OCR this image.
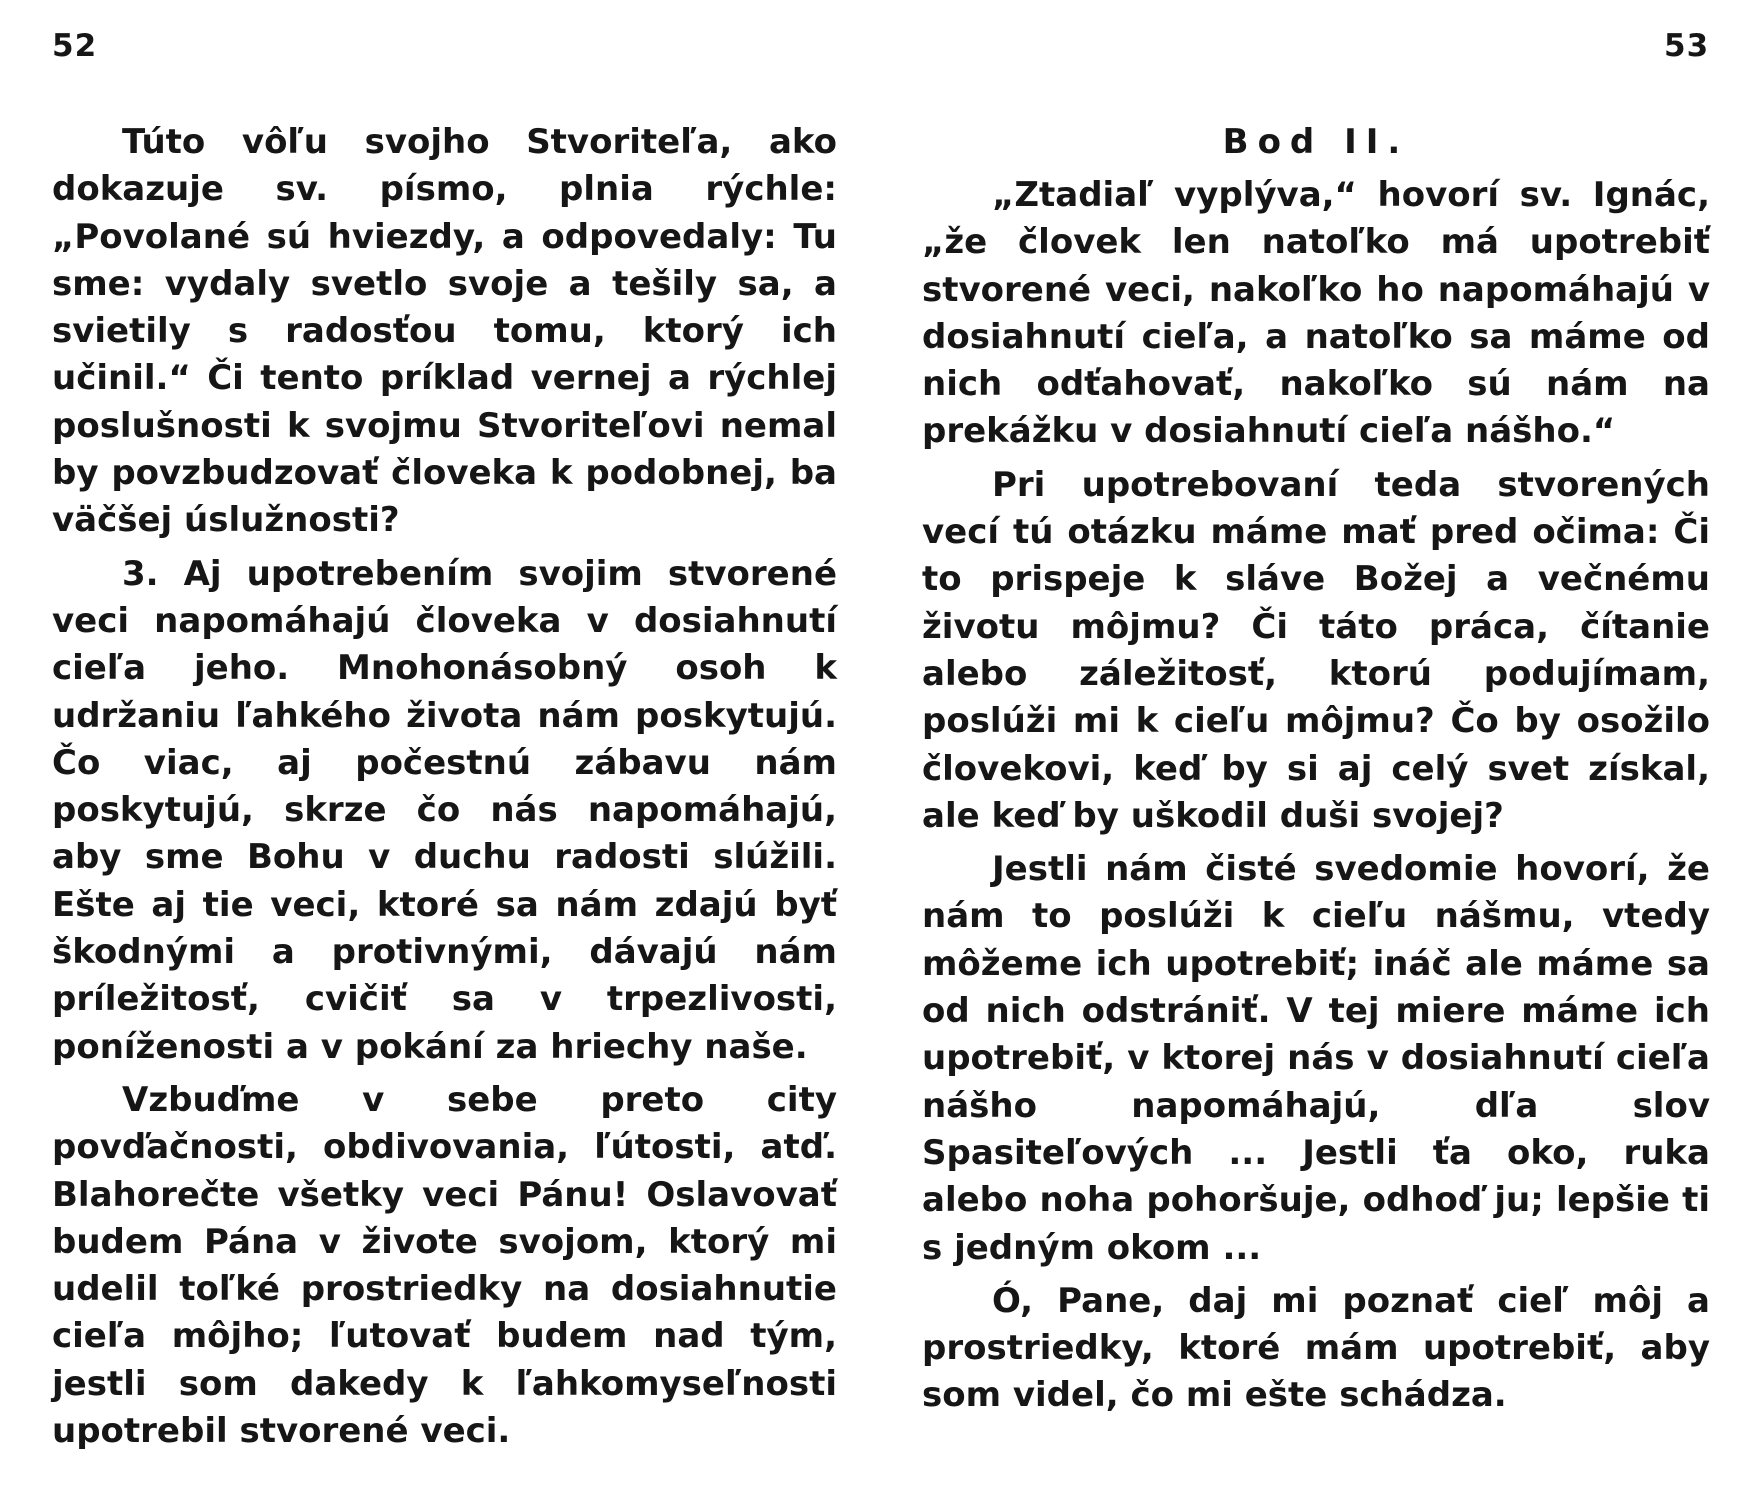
52	53

Túto vôľu svojho Stvoriteľa, ako dokazuje sv. písmo, plnia rýchle: „Povolané sú hviezdy, a odpovedaly: Tu sme: vydaly svetlo svoje a tešily sa, a svietily s radosťou tomu, ktorý ich učinil.“ Či tento príklad vernej a rýchlej poslušnosti k svojmu Stvoriteľovi nemal by povzbudzovať človeka k podobnej, ba väčšej úslužnosti?

3. Aj upotrebením svojim stvorené veci napomáhajú človeka v dosiahnutí cieľa jeho. Mnohonásobný osoh k udržaniu ľahkého života nám poskytujú. Čo viac, aj počestnú zábavu nám poskytujú, skrze čo nás napomáhajú, aby sme Bohu v duchu radosti slúžili. Ešte aj tie veci, ktoré sa nám zdajú byť škodnými a protivnými, dávajú nám príležitosť, cvičiť sa v trpezlivosti, poníženosti a v pokání za hriechy naše.

Vzbuďme v sebe preto city povďačnosti, obdivovania, ľútosti, atď. Blahorečte všetky veci Pánu! Oslavovať budem Pána v živote svojom, ktorý mi udelil toľké prostriedky na dosiahnutie cieľa môjho; ľutovať budem nad tým, jestli som dakedy k ľahkomyseľnosti upotrebil stvorené veci.

Bod II.

„Ztadiaľ vyplýva,“ hovorí sv. Ignác, „že človek len natoľko má upotrebiť stvorené veci, nakoľko ho napomáhajú v dosiahnutí cieľa, a natoľko sa máme od nich odťahovať, nakoľko sú nám na prekážku v dosiahnutí cieľa nášho.“

Pri upotrebovaní teda stvorených vecí tú otázku máme mať pred očima: Či to prispeje k sláve Božej a večnému životu môjmu? Či táto práca, čítanie alebo záležitosť, ktorú podujímam, poslúži mi k cieľu môjmu? Čo by osožilo človekovi, keď by si aj celý svet získal, ale keď by uškodil duši svojej?

Jestli nám čisté svedomie hovorí, že nám to poslúži k cieľu nášmu, vtedy môžeme ich upotrebiť; ináč ale máme sa od nich odstrániť. V tej miere máme ich upotrebiť, v ktorej nás v dosiahnutí cieľa nášho napomáhajú, dľa slov Spasiteľových ... Jestli ťa oko, ruka alebo noha pohoršuje, odhoď ju; lepšie ti s jedným okom ...

Ó, Pane, daj mi poznať cieľ môj a prostriedky, ktoré mám upotrebiť, aby som videl, čo mi ešte schádza.
